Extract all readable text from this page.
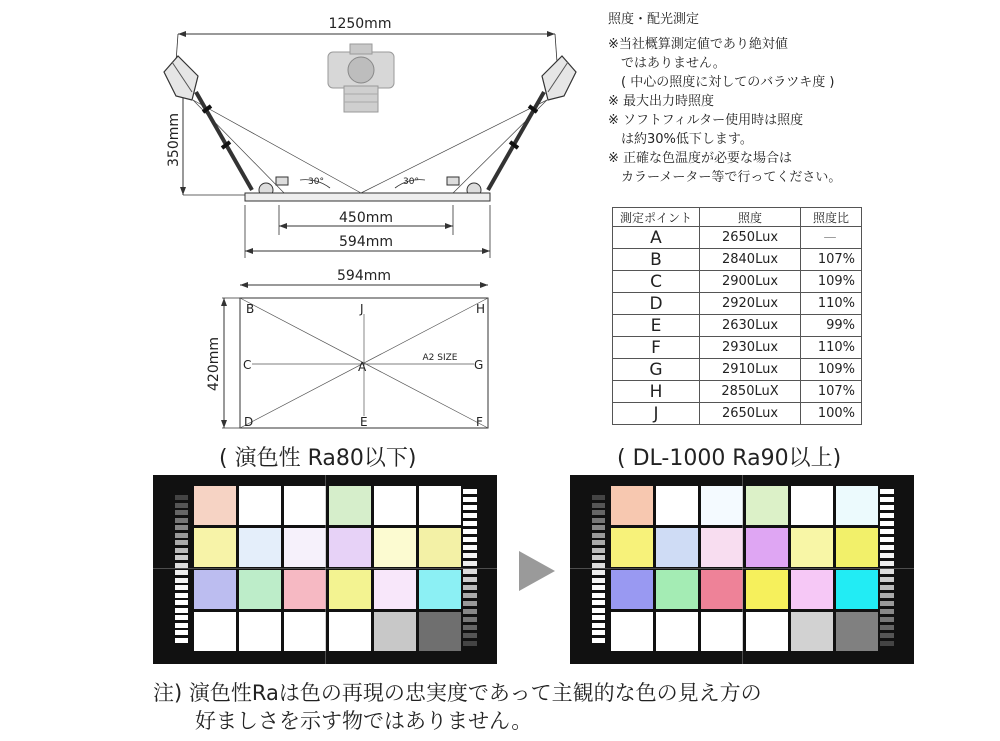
1250mm
350mm
30°	30°
450mm
594mm
594mm
420mm
B	J	H
C	A	G
D	E	F
A2 SIZE
照度・配光測定
※当社概算測定値であり絶対値
　ではありません。
　( 中心の照度に対してのバラツキ度 )
※ 最大出力時照度
※ ソフトフィルター使用時は照度
　は約30%低下します。
※ 正確な色温度が必要な場合は
　カラーメーター等で行ってください。
測定ポイント	照度	照度比
A	2650Lux	—
B	2840Lux	107%
C	2900Lux	109%
D	2920Lux	110%
E	2630Lux	99%
F	2930Lux	110%
G	2910Lux	109%
H	2850LuX	107%
J	2650Lux	100%
( 演色性 Ra80以下)	( DL-1000 Ra90以上)
注) 演色性Raは色の再現の忠実度であって主観的な色の見え方の
好ましさを示す物ではありません。
